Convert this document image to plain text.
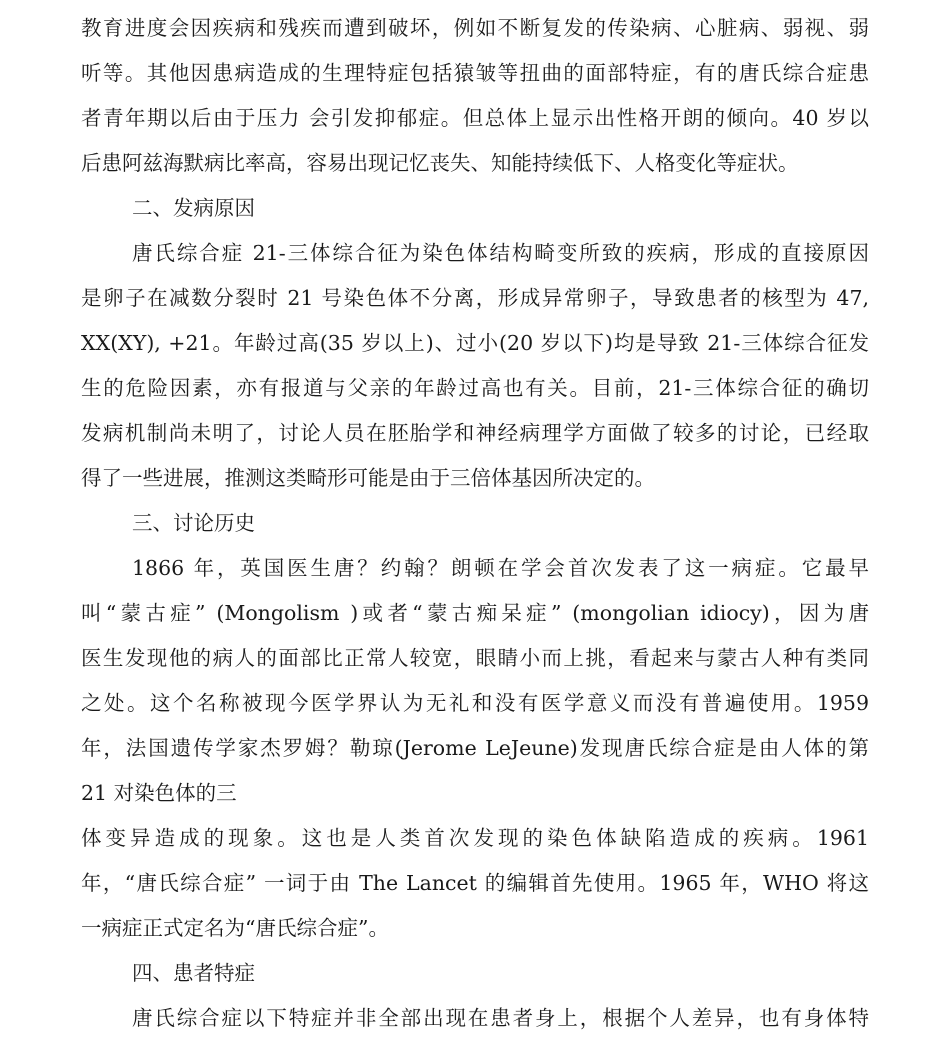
教育进度会因疾病和残疾而遭到破坏，例如不断复发的传染病、心脏病、弱视、弱
听等。其他因患病造成的生理特症包括猿皱等扭曲的面部特症，有的唐氏综合症患
者青年期以后由于压力 会引发抑郁症。但总体上显示出性格开朗的倾向。40 岁以
后患阿兹海默病比率高，容易出现记忆丧失、知能持续低下、人格变化等症状。
二、发病原因
唐氏综合症 21-三体综合征为染色体结构畸变所致的疾病，形成的直接原因
是卵子在减数分裂时 21 号染色体不分离，形成异常卵子，导致患者的核型为 47,
XX(XY), +21。年龄过高(35 岁以上)、过小(20 岁以下)均是导致 21-三体综合征发
生的危险因素，亦有报道与父亲的年龄过高也有关。目前，21-三体综合征的确切
发病机制尚未明了，讨论人员在胚胎学和神经病理学方面做了较多的讨论，已经取
得了一些进展，推测这类畸形可能是由于三倍体基因所决定的。
三、讨论历史
1866 年，英国医生唐？约翰？朗顿在学会首次发表了这一病症。它最早
叫“蒙古症” (Mongolism )或者“蒙古痴呆症” (mongolian idiocy)，因为唐
医生发现他的病人的面部比正常人较宽，眼睛小而上挑，看起来与蒙古人种有类同
之处。这个名称被现今医学界认为无礼和没有医学意义而没有普遍使用。1959
年，法国遗传学家杰罗姆？勒琼(Jerome LeJeune)发现唐氏综合症是由人体的第
21 对染色体的三
体变异造成的现象。这也是人类首次发现的染色体缺陷造成的疾病。1961
年，“唐氏综合症” 一词于由 The Lancet 的编辑首先使用。1965 年，WHO 将这
一病症正式定名为“唐氏综合症”。
四、患者特症
唐氏综合症以下特症并非全部出现在患者身上，根据个人差异，也有身体特
